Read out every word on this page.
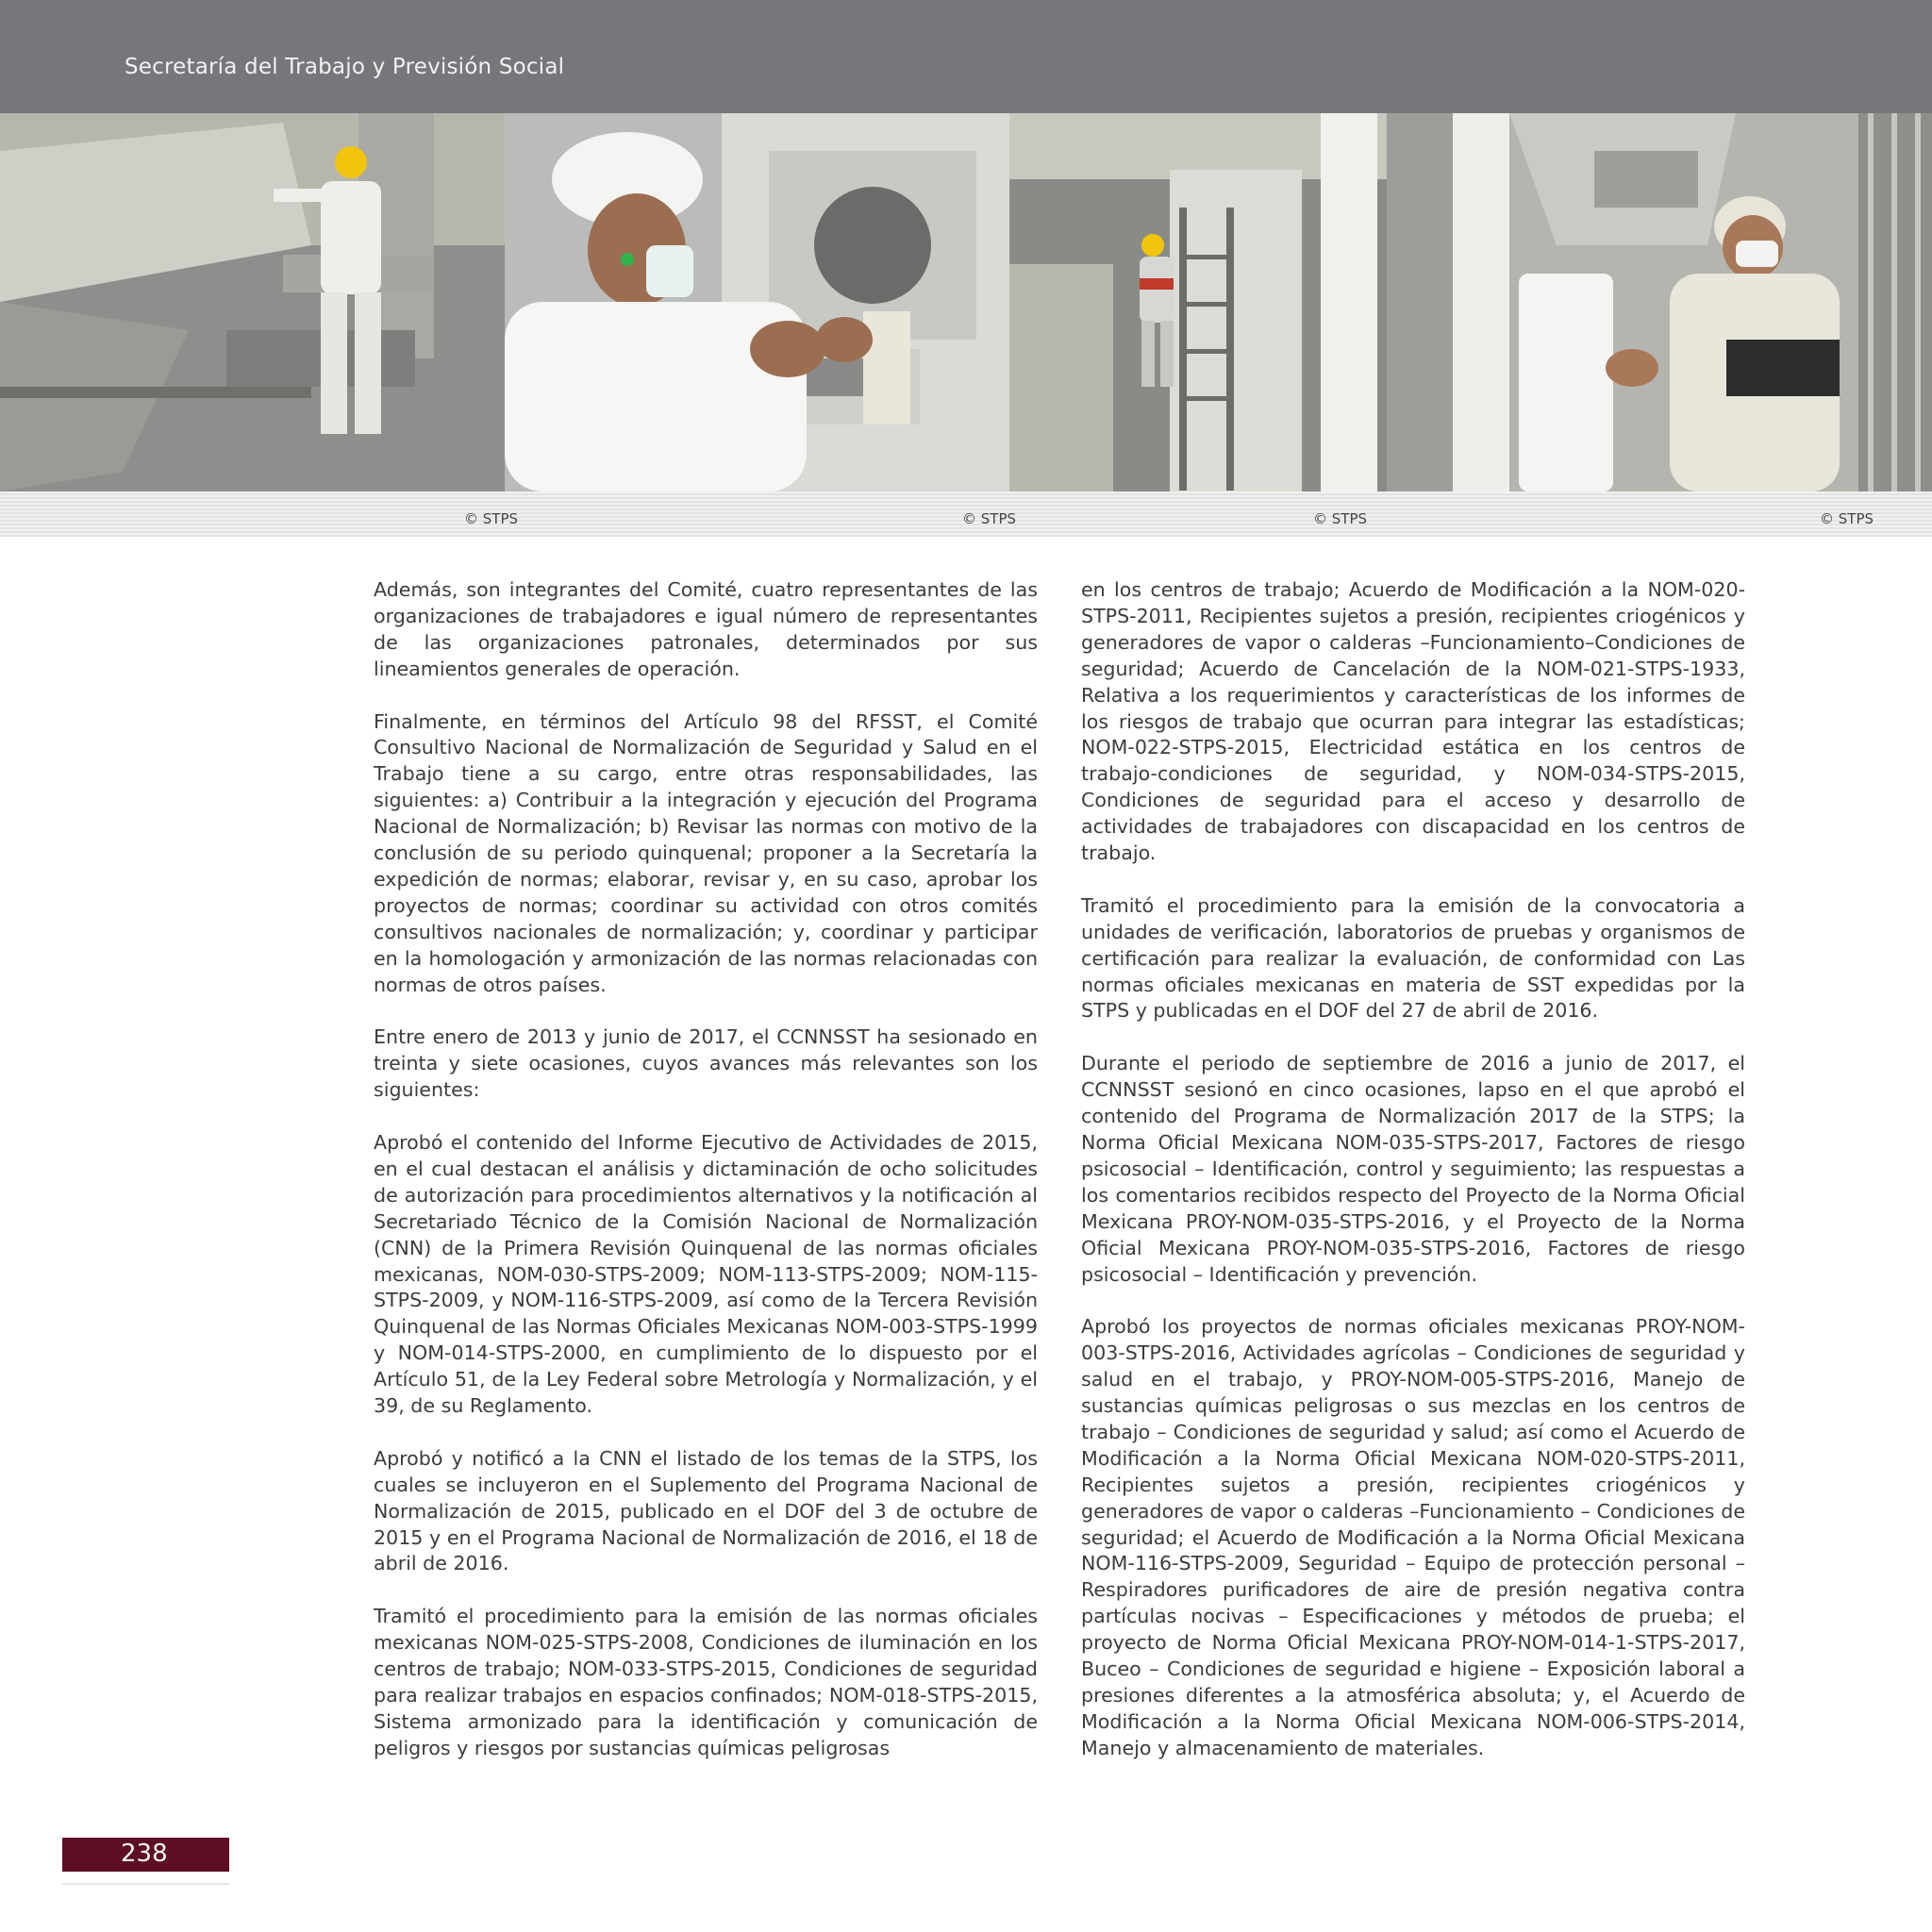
Secretaría del Trabajo y Previsión Social
© STPS	© STPS	© STPS	© STPS

Además, son integrantes del Comité, cuatro representantes de las organizaciones de trabajadores e igual número de representantes de las organizaciones patronales, determinados por sus lineamientos generales de operación.

Finalmente, en términos del Artículo 98 del RFSST, el Comité Consultivo Nacional de Normalización de Seguridad y Salud en el Trabajo tiene a su cargo, entre otras responsabilidades, las siguientes: a) Contribuir a la integración y ejecución del Programa Nacional de Normalización; b) Revisar las normas con motivo de la conclusión de su periodo quinquenal; proponer a la Secretaría la expedición de normas; elaborar, revisar y, en su caso, aprobar los proyectos de normas; coordinar su actividad con otros comités consultivos nacionales de normalización; y, coordinar y participar en la homologación y armonización de las normas relacionadas con normas de otros países.

Entre enero de 2013 y junio de 2017, el CCNNSST ha sesionado en treinta y siete ocasiones, cuyos avances más relevantes son los siguientes:

Aprobó el contenido del Informe Ejecutivo de Actividades de 2015, en el cual destacan el análisis y dictaminación de ocho solicitudes de autorización para procedimientos alternativos y la notificación al Secretariado Técnico de la Comisión Nacional de Normalización (CNN) de la Primera Revisión Quinquenal de las normas oficiales mexicanas, NOM-030-STPS-2009; NOM-113-STPS-2009; NOM-115-STPS-2009, y NOM-116-STPS-2009, así como de la Tercera Revisión Quinquenal de las Normas Oficiales Mexicanas NOM-003-STPS-1999 y NOM-014-STPS-2000, en cumplimiento de lo dispuesto por el Artículo 51, de la Ley Federal sobre Metrología y Normalización, y el 39, de su Reglamento.

Aprobó y notificó a la CNN el listado de los temas de la STPS, los cuales se incluyeron en el Suplemento del Programa Nacional de Normalización de 2015, publicado en el DOF del 3 de octubre de 2015 y en el Programa Nacional de Normalización de 2016, el 18 de abril de 2016.

Tramitó el procedimiento para la emisión de las normas oficiales mexicanas NOM-025-STPS-2008, Condiciones de iluminación en los centros de trabajo; NOM-033-STPS-2015, Condiciones de seguridad para realizar trabajos en espacios confinados; NOM-018-STPS-2015, Sistema armonizado para la identificación y comunicación de peligros y riesgos por sustancias químicas peligrosas

en los centros de trabajo; Acuerdo de Modificación a la NOM-020-STPS-2011, Recipientes sujetos a presión, recipientes criogénicos y generadores de vapor o calderas –Funcionamiento–Condiciones de seguridad; Acuerdo de Cancelación de la NOM-021-STPS-1933, Relativa a los requerimientos y características de los informes de los riesgos de trabajo que ocurran para integrar las estadísticas; NOM-022-STPS-2015, Electricidad estática en los centros de trabajo-condiciones de seguridad, y NOM-034-STPS-2015, Condiciones de seguridad para el acceso y desarrollo de actividades de trabajadores con discapacidad en los centros de trabajo.

Tramitó el procedimiento para la emisión de la convocatoria a unidades de verificación, laboratorios de pruebas y organismos de certificación para realizar la evaluación, de conformidad con Las normas oficiales mexicanas en materia de SST expedidas por la STPS y publicadas en el DOF del 27 de abril de 2016.

Durante el periodo de septiembre de 2016 a junio de 2017, el CCNNSST sesionó en cinco ocasiones, lapso en el que aprobó el contenido del Programa de Normalización 2017 de la STPS; la Norma Oficial Mexicana NOM-035-STPS-2017, Factores de riesgo psicosocial – Identificación, control y seguimiento; las respuestas a los comentarios recibidos respecto del Proyecto de la Norma Oficial Mexicana PROY-NOM-035-STPS-2016, y el Proyecto de la Norma Oficial Mexicana PROY-NOM-035-STPS-2016, Factores de riesgo psicosocial – Identificación y prevención.

Aprobó los proyectos de normas oficiales mexicanas PROY-NOM-003-STPS-2016, Actividades agrícolas – Condiciones de seguridad y salud en el trabajo, y PROY-NOM-005-STPS-2016, Manejo de sustancias químicas peligrosas o sus mezclas en los centros de trabajo – Condiciones de seguridad y salud; así como el Acuerdo de Modificación a la Norma Oficial Mexicana NOM-020-STPS-2011, Recipientes sujetos a presión, recipientes criogénicos y generadores de vapor o calderas –Funcionamiento – Condiciones de seguridad; el Acuerdo de Modificación a la Norma Oficial Mexicana NOM-116-STPS-2009, Seguridad – Equipo de protección personal – Respiradores purificadores de aire de presión negativa contra partículas nocivas – Especificaciones y métodos de prueba; el proyecto de Norma Oficial Mexicana PROY-NOM-014-1-STPS-2017, Buceo – Condiciones de seguridad e higiene – Exposición laboral a presiones diferentes a la atmosférica absoluta; y, el Acuerdo de Modificación a la Norma Oficial Mexicana NOM-006-STPS-2014, Manejo y almacenamiento de materiales.

238
